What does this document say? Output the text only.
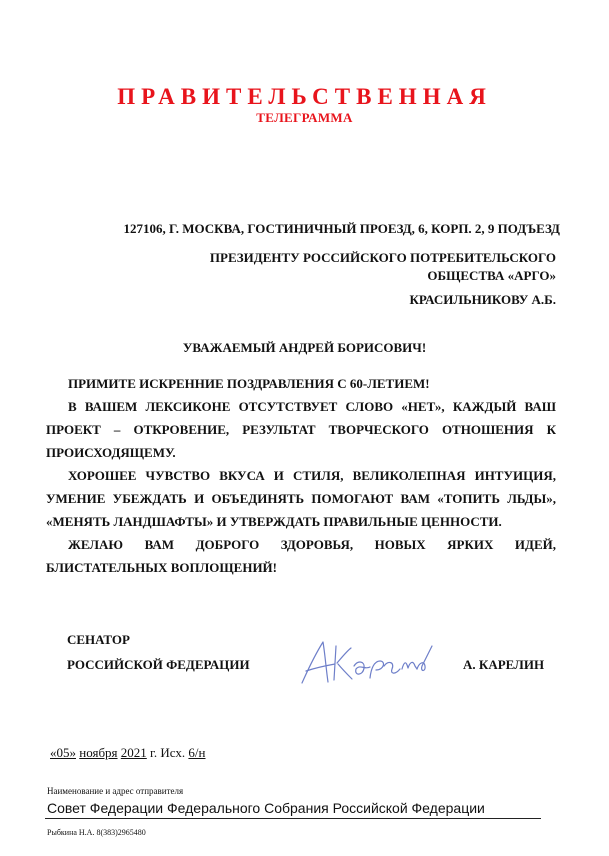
ПРАВИТЕЛЬСТВЕННАЯ
ТЕЛЕГРАММА
127106, Г. МОСКВА, ГОСТИНИЧНЫЙ ПРОЕЗД, 6, КОРП. 2, 9 ПОДЪЕЗД
ПРЕЗИДЕНТУ РОССИЙСКОГО ПОТРЕБИТЕЛЬСКОГО
ОБЩЕСТВА «АРГО»
КРАСИЛЬНИКОВУ А.Б.
УВАЖАЕМЫЙ АНДРЕЙ БОРИСОВИЧ!

ПРИМИТЕ ИСКРЕННИЕ ПОЗДРАВЛЕНИЯ С 60-ЛЕТИЕМ!

В ВАШЕМ ЛЕКСИКОНЕ ОТСУТСТВУЕТ СЛОВО «НЕТ», КАЖДЫЙ ВАШ ПРОЕКТ – ОТКРОВЕНИЕ, РЕЗУЛЬТАТ ТВОРЧЕСКОГО ОТНОШЕНИЯ К ПРОИСХОДЯЩЕМУ.

ХОРОШЕЕ ЧУВСТВО ВКУСА И СТИЛЯ, ВЕЛИКОЛЕПНАЯ ИНТУИЦИЯ, УМЕНИЕ УБЕЖДАТЬ И ОБЪЕДИНЯТЬ ПОМОГАЮТ ВАМ «ТОПИТЬ ЛЬДЫ», «МЕНЯТЬ ЛАНДШАФТЫ» И УТВЕРЖДАТЬ ПРАВИЛЬНЫЕ ЦЕННОСТИ.

ЖЕЛАЮ ВАМ ДОБРОГО ЗДОРОВЬЯ, НОВЫХ ЯРКИХ ИДЕЙ, БЛИСТАТЕЛЬНЫХ ВОПЛОЩЕНИЙ!

СЕНАТОР
РОССИЙСКОЙ ФЕДЕРАЦИИ	А. КАРЕЛИН
«05» ноября 2021 г. Исх. 6/н
Наименование и адрес отправителя
Совет Федерации Федерального Собрания Российской Федерации
Рыбкина Н.А. 8(383)2965480
